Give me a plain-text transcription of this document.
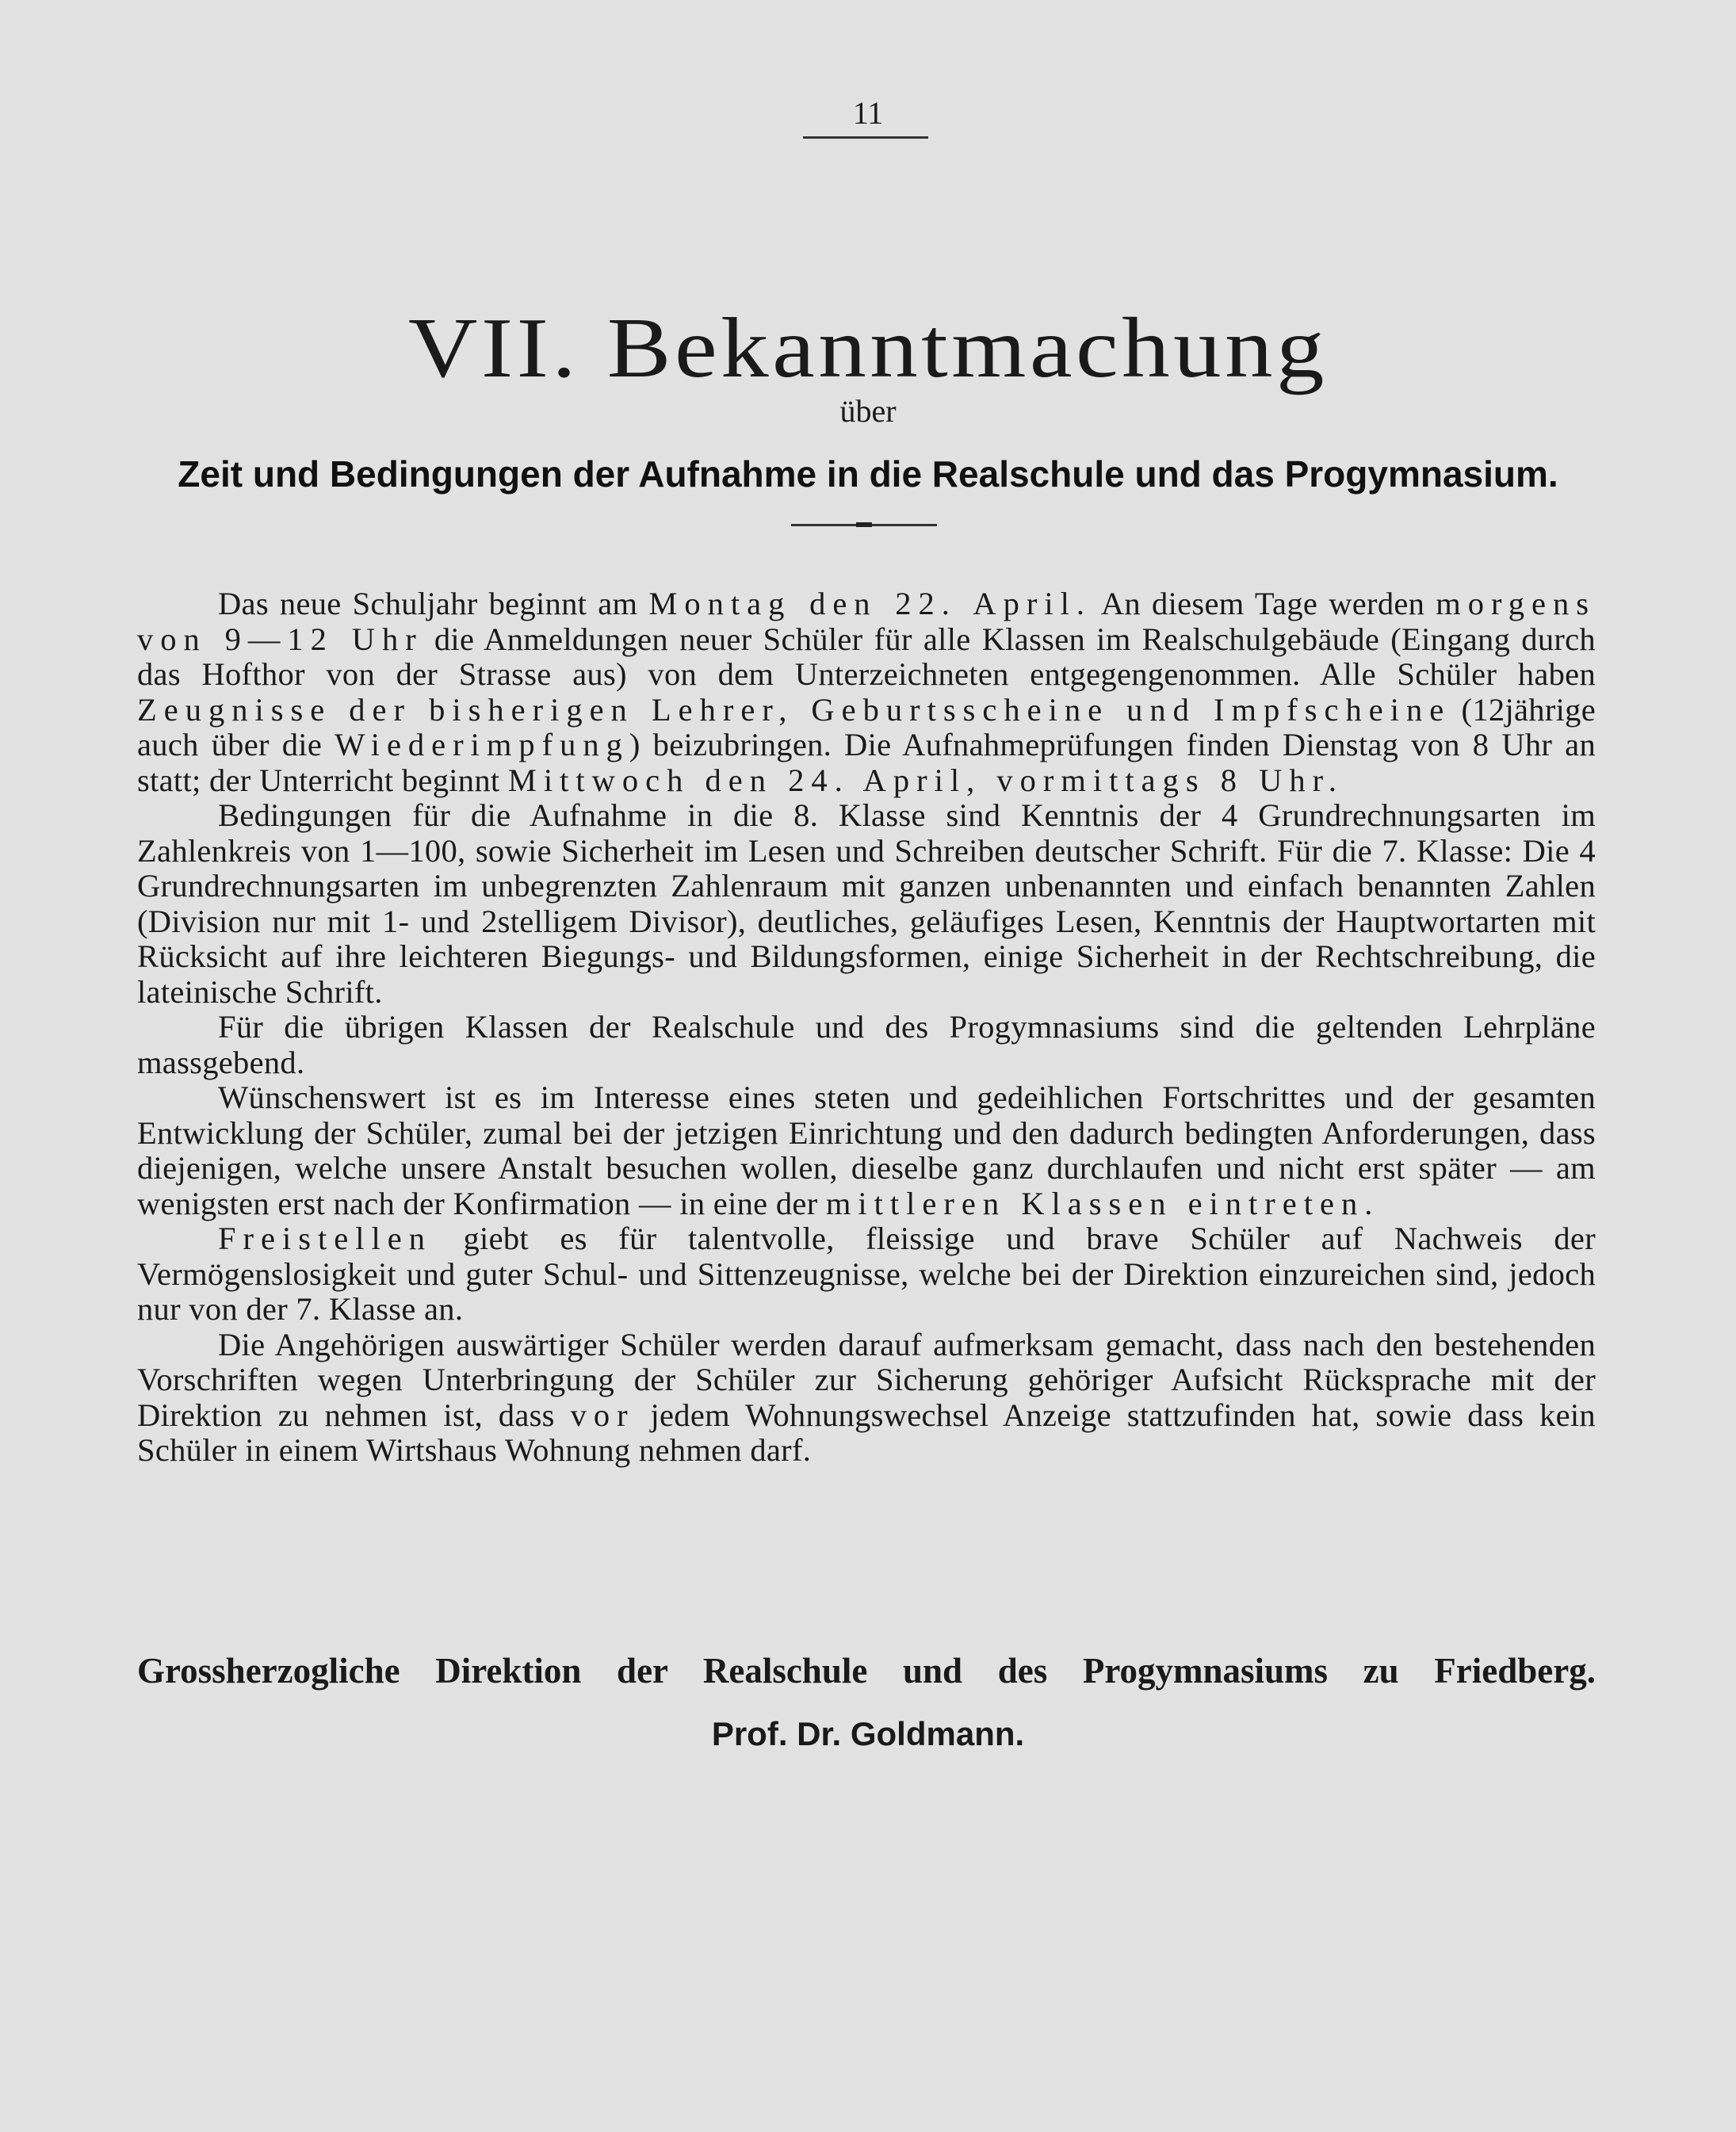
11
VII. Bekanntmachung
über
Zeit und Bedingungen der Aufnahme in die Realschule und das Progymnasium.

Das neue Schuljahr beginnt am Montag den 22. April. An diesem Tage werden morgens von 9—12 Uhr die Anmeldungen neuer Schüler für alle Klassen im Realschulgebäude (Eingang durch das Hofthor von der Strasse aus) von dem Unterzeichneten entgegengenommen. Alle Schüler haben Zeugnisse der bisherigen Lehrer, Geburtsscheine und Impfscheine (12jährige auch über die Wiederimpfung) beizubringen. Die Aufnahmeprüfungen finden Dienstag von 8 Uhr an statt; der Unterricht beginnt Mittwoch den 24. April, vormittags 8 Uhr.

Bedingungen für die Aufnahme in die 8. Klasse sind Kenntnis der 4 Grundrechnungsarten im Zahlenkreis von 1—100, sowie Sicherheit im Lesen und Schreiben deutscher Schrift. Für die 7. Klasse: Die 4 Grundrechnungsarten im unbegrenzten Zahlenraum mit ganzen unbenannten und einfach benannten Zahlen (Division nur mit 1- und 2stelligem Divisor), deutliches, geläufiges Lesen, Kenntnis der Hauptwortarten mit Rücksicht auf ihre leichteren Biegungs- und Bildungsformen, einige Sicherheit in der Rechtschreibung, die lateinische Schrift.

Für die übrigen Klassen der Realschule und des Progymnasiums sind die geltenden Lehrpläne massgebend.

Wünschenswert ist es im Interesse eines steten und gedeihlichen Fortschrittes und der gesamten Entwicklung der Schüler, zumal bei der jetzigen Einrichtung und den dadurch bedingten Anforderungen, dass diejenigen, welche unsere Anstalt besuchen wollen, dieselbe ganz durchlaufen und nicht erst später — am wenigsten erst nach der Konfirmation — in eine der mittleren Klassen eintreten.

Freistellen giebt es für talentvolle, fleissige und brave Schüler auf Nachweis der Vermögenslosigkeit und guter Schul- und Sittenzeugnisse, welche bei der Direktion einzureichen sind, jedoch nur von der 7. Klasse an.

Die Angehörigen auswärtiger Schüler werden darauf aufmerksam gemacht, dass nach den bestehenden Vorschriften wegen Unterbringung der Schüler zur Sicherung gehöriger Aufsicht Rücksprache mit der Direktion zu nehmen ist, dass vor jedem Wohnungswechsel Anzeige stattzufinden hat, sowie dass kein Schüler in einem Wirtshaus Wohnung nehmen darf.

Grossherzogliche Direktion der Realschule und des Progymnasiums zu Friedberg.
Prof. Dr. Goldmann.
